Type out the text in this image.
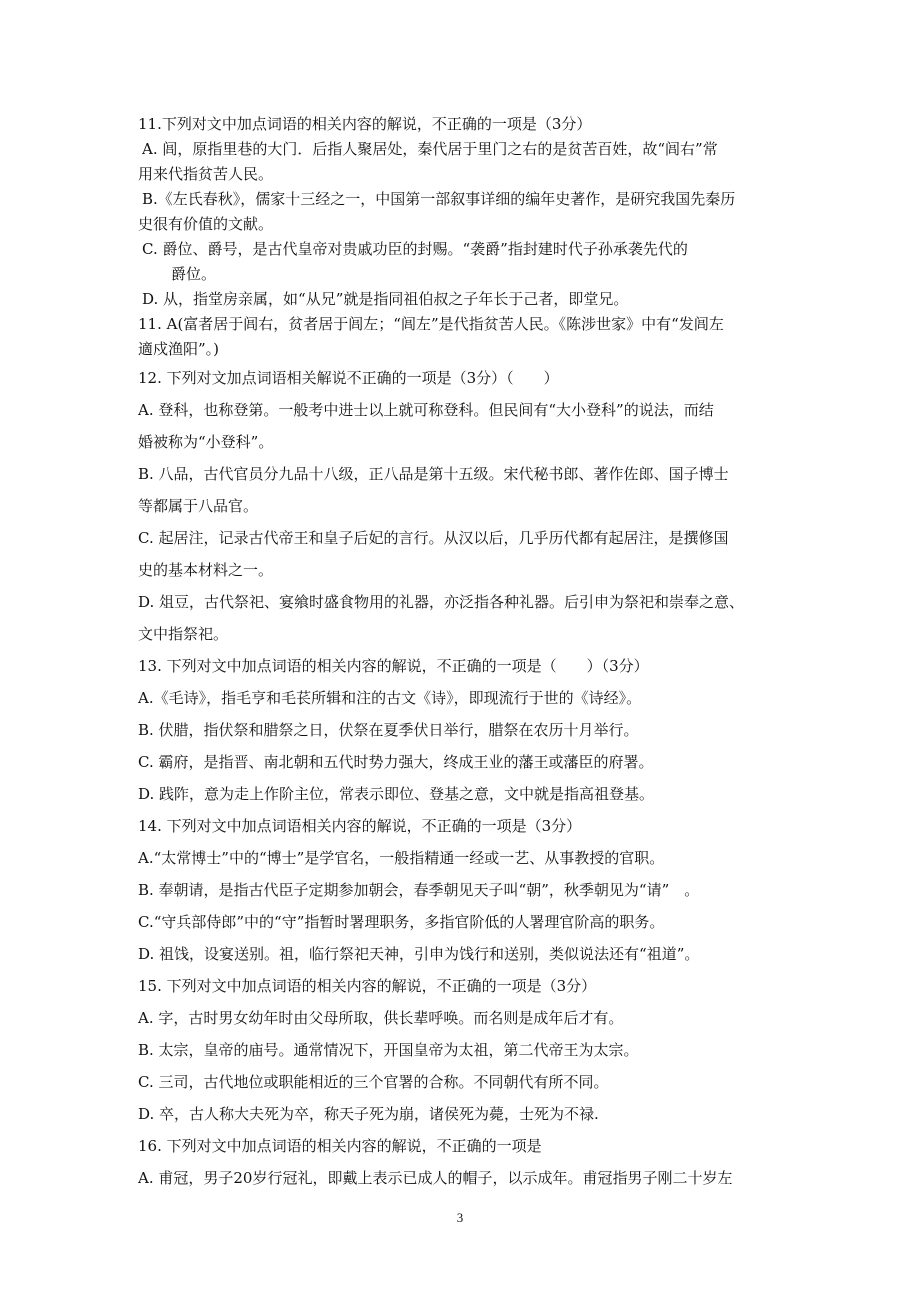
11.下列对文中加点词语的相关内容的解说，不正确的一项是（3分）
A. 闾，原指里巷的大门．后指人聚居处，秦代居于里门之右的是贫苦百姓，故“闾右”常
用来代指贫苦人民。
B.《左氏春秋》，儒家十三经之一，中国第一部叙事详细的编年史著作，是研究我国先秦历
史很有价值的文献。
C. 爵位、爵号，是古代皇帝对贵戚功臣的封赐。“袭爵”指封建时代子孙承袭先代的
爵位。
D. 从，指堂房亲属，如“从兄”就是指同祖伯叔之子年长于己者，即堂兄。
11. A(富者居于闾右，贫者居于闾左；“闾左”是代指贫苦人民。《陈涉世家》中有“发闾左
適戍渔阳”。)
12. 下列对文加点词语相关解说不正确的一项是（3分）（　　）
A. 登科，也称登第。一般考中进士以上就可称登科。但民间有“大小登科”的说法，而结
婚被称为“小登科”。
B. 八品，古代官员分九品十八级，正八品是第十五级。宋代秘书郎、著作佐郎、国子博士
等都属于八品官。
C. 起居注，记录古代帝王和皇子后妃的言行。从汉以后，几乎历代都有起居注，是撰修国
史的基本材料之一。
D. 俎豆，古代祭祀、宴飨时盛食物用的礼器，亦泛指各种礼器。后引申为祭祀和崇奉之意、
文中指祭祀。
13. 下列对文中加点词语的相关内容的解说，不正确的一项是（　　）（3分）
A.《毛诗》，指毛亨和毛苌所辑和注的古文《诗》，即现流行于世的《诗经》。
B. 伏腊，指伏祭和腊祭之日，伏祭在夏季伏日举行，腊祭在农历十月举行。
C. 霸府，是指晋、南北朝和五代时势力强大，终成王业的藩王或藩臣的府署。
D. 践阼，意为走上作阶主位，常表示即位、登基之意，文中就是指高祖登基。
14. 下列对文中加点词语相关内容的解说，不正确的一项是（3分）
A.“太常博士”中的“博士”是学官名，一般指精通一经或一艺、从事教授的官职。
B. 奉朝请，是指古代臣子定期参加朝会，春季朝见天子叫“朝”，秋季朝见为“请”　。
C.“守兵部侍郎”中的“守”指暂时署理职务，多指官阶低的人署理官阶高的职务。
D. 祖饯，设宴送别。祖，临行祭祀天神，引申为饯行和送别，类似说法还有“祖道”。
15. 下列对文中加点词语的相关内容的解说，不正确的一项是（3分）
A. 字，古时男女幼年时由父母所取，供长辈呼唤。而名则是成年后才有。
B. 太宗，皇帝的庙号。通常情况下，开国皇帝为太祖，第二代帝王为太宗。
C. 三司，古代地位或职能相近的三个官署的合称。不同朝代有所不同。
D. 卒，古人称大夫死为卒，称天子死为崩，诸侯死为薨，士死为不禄.
16. 下列对文中加点词语的相关内容的解说，不正确的一项是
A. 甫冠，男子20岁行冠礼，即戴上表示已成人的帽子，以示成年。甫冠指男子刚二十岁左
3
